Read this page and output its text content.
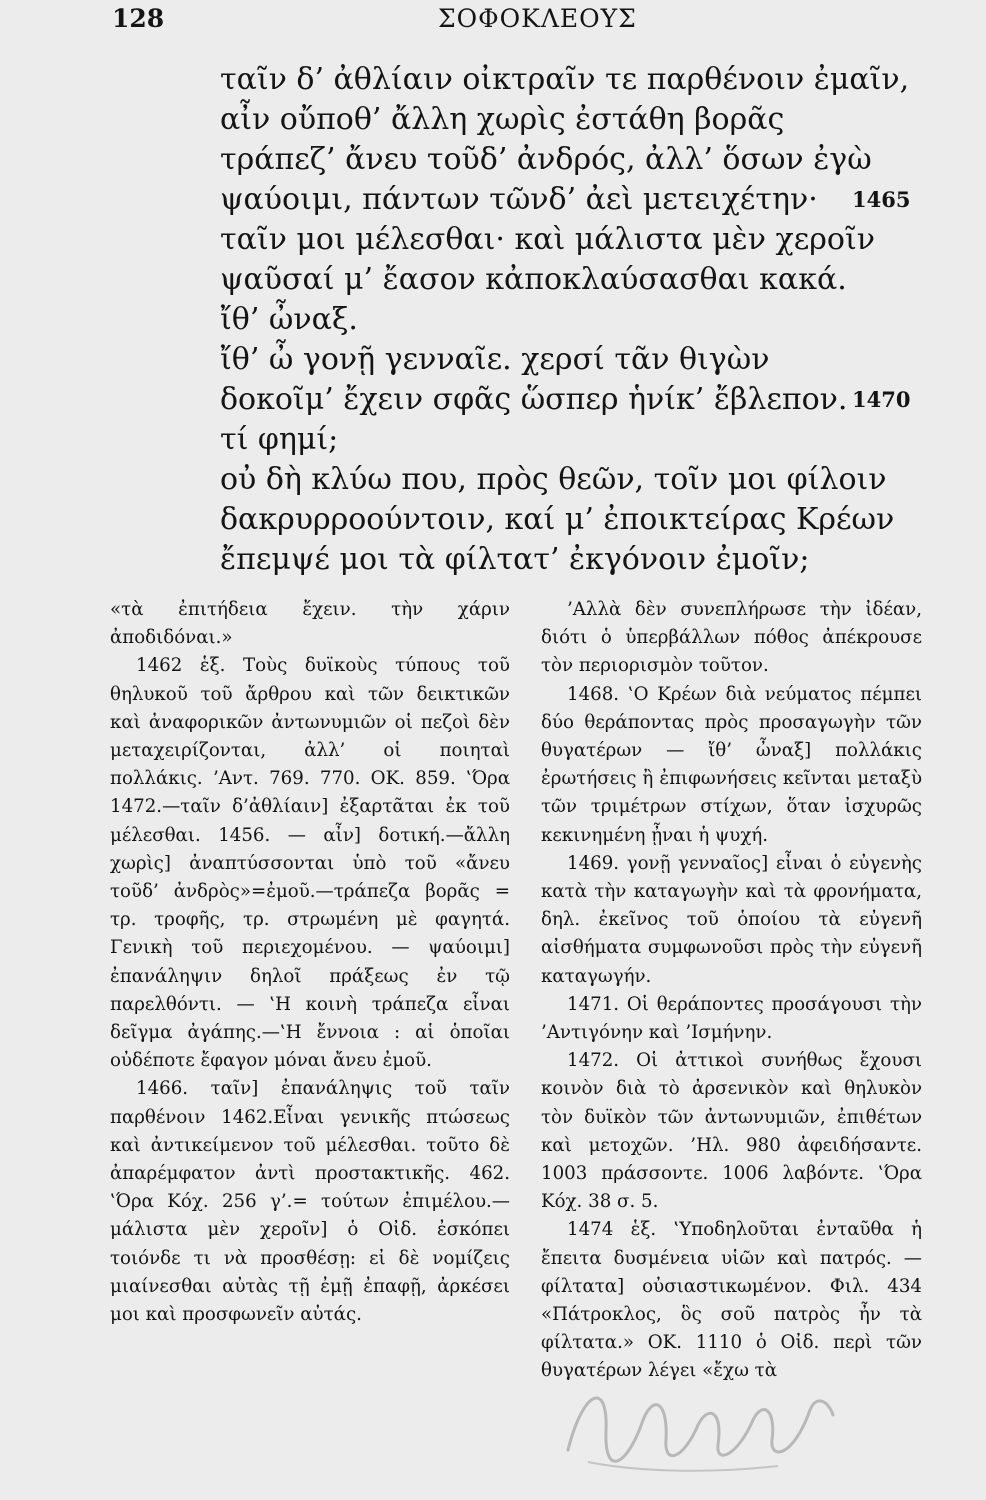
128	ΣΟΦΟΚΛΕΟΥΣ
ταῖν δ’ ἀθλίαιν οἰκτραῖν τε παρθένοιν ἐμαῖν,
αἶν οὔποθ’ ἄλλη χωρὶς ἐστάθη βορᾶς
τράπεζ’ ἄνευ τοῦδ’ ἀνδρός, ἀλλ’ ὅσων ἐγὼ
ψαύοιμι, πάντων τῶνδ’ ἀεὶ μετειχέτην· 1465
ταῖν μοι μέλεσθαι· καὶ μάλιστα μὲν χεροῖν
ψαῦσαί μ’ ἔασον κἀποκλαύσασθαι κακά.
ἴθ’ ὦναξ.
ἴθ’ ὦ γονῇ γενναῖε. χερσί τᾶν θιγὼν
δοκοῖμ’ ἔχειν σφᾶς ὥσπερ ἡνίκ’ ἔβλεπον. 1470
τί φημί;
οὐ δὴ κλύω που, πρὸς θεῶν, τοῖν μοι φίλοιν
δακρυρροούντοιν, καί μ’ ἐποικτείρας Κρέων
ἔπεμψέ μοι τὰ φίλτατ’ ἐκγόνοιν ἐμοῖν;

«τὰ ἐπιτήδεια ἔχειν. τὴν χάριν ἀποδιδόναι.»

1462 ἑξ. Τοὺς δυϊκοὺς τύπους τοῦ θηλυκοῦ τοῦ ἄρθρου καὶ τῶν δεικτικῶν καὶ ἀναφορικῶν ἀντωνυμιῶν οἱ πεζοὶ δὲν μεταχειρίζονται, ἀλλ’ οἱ ποιηταὶ πολλάκις. ’Αντ. 769. 770. ΟΚ. 859. ‛Όρα 1472.—ταῖν δ’ἀθλίαιν] ἐξαρτᾶται ἐκ τοῦ μέλεσθαι. 1456. — αἶν] δοτική.—ἄλλη χωρὶς] ἀναπτύσσονται ὑπὸ τοῦ «ἄνευ τοῦδ’ ἀνδρὸς»=ἐμοῦ.—τράπεζα βορᾶς = τρ. τροφῆς, τρ. στρωμένη μὲ φαγητά. Γενικὴ τοῦ περιεχομένου. — ψαύοιμι] ἐπανάληψιν δηλοῖ πράξεως ἐν τῷ παρελθόντι. — ‛Η κοινὴ τράπεζα εἶναι δεῖγμα ἀγάπης.—‛Η ἔννοια : αἱ ὁποῖαι οὐδέποτε ἔφαγον μόναι ἄνευ ἐμοῦ.

1466. ταῖν] ἐπανάληψις τοῦ ταῖν παρθένοιν 1462.Εἶναι γενικῆς πτώσεως καὶ ἀντικείμενον τοῦ μέλεσθαι. τοῦτο δὲ ἀπαρέμφατον ἀντὶ προστακτικῆς. 462. ‛Όρα Κόχ. 256 γ’.= τούτων ἐπιμέλου.— μάλιστα μὲν χεροῖν] ὁ Οἰδ. ἐσκόπει τοιόνδε τι νὰ προσθέσῃ: εἰ δὲ νομίζεις μιαίνεσθαι αὐτὰς τῇ ἐμῇ ἐπαφῇ, ἀρκέσει μοι καὶ προσφωνεῖν αὐτάς.

’Αλλὰ δὲν συνεπλήρωσε τὴν ἰδέαν, διότι ὁ ὑπερβάλλων πόθος ἀπέκρουσε τὸν περιορισμὸν τοῦτον.

1468. ‛Ο Κρέων διὰ νεύματος πέμπει δύο θεράποντας πρὸς προσαγωγὴν τῶν θυγατέρων — ἴθ’ ὦναξ] πολλάκις ἐρωτήσεις ἢ ἐπιφωνήσεις κεῖνται μεταξὺ τῶν τριμέτρων στίχων, ὅταν ἰσχυρῶς κεκινημένη ᾖναι ἡ ψυχή.

1469. γονῇ γενναῖος] εἶναι ὁ εὐγενὴς κατὰ τὴν καταγωγὴν καὶ τὰ φρονήματα, δηλ. ἐκεῖνος τοῦ ὁποίου τὰ εὐγενῆ αἰσθήματα συμφωνοῦσι πρὸς τὴν εὐγενῆ καταγωγήν.

1471. Οἱ θεράποντες προσάγουσι τὴν ’Αντιγόνην καὶ ’Ισμήνην.

1472. Οἱ ἀττικοὶ συνήθως ἔχουσι κοινὸν διὰ τὸ ἀρσενικὸν καὶ θηλυκὸν τὸν δυϊκὸν τῶν ἀντωνυμιῶν, ἐπιθέτων καὶ μετοχῶν. ’Ηλ. 980 ἀφειδήσαντε. 1003 πράσσοντε. 1006 λαβόντε. ‛Όρα Κόχ. 38 σ. 5.

1474 ἑξ. ‛Υποδηλοῦται ἐνταῦθα ἡ ἔπειτα δυσμένεια υἱῶν καὶ πατρός. —φίλτατα] οὐσιαστικωμένον. Φιλ. 434 «Πάτροκλος, ὃς σοῦ πατρὸς ἦν τὰ φίλτατα.» ΟΚ. 1110 ὁ Οἰδ. περὶ τῶν θυγατέρων λέγει «ἔχω τὰ
